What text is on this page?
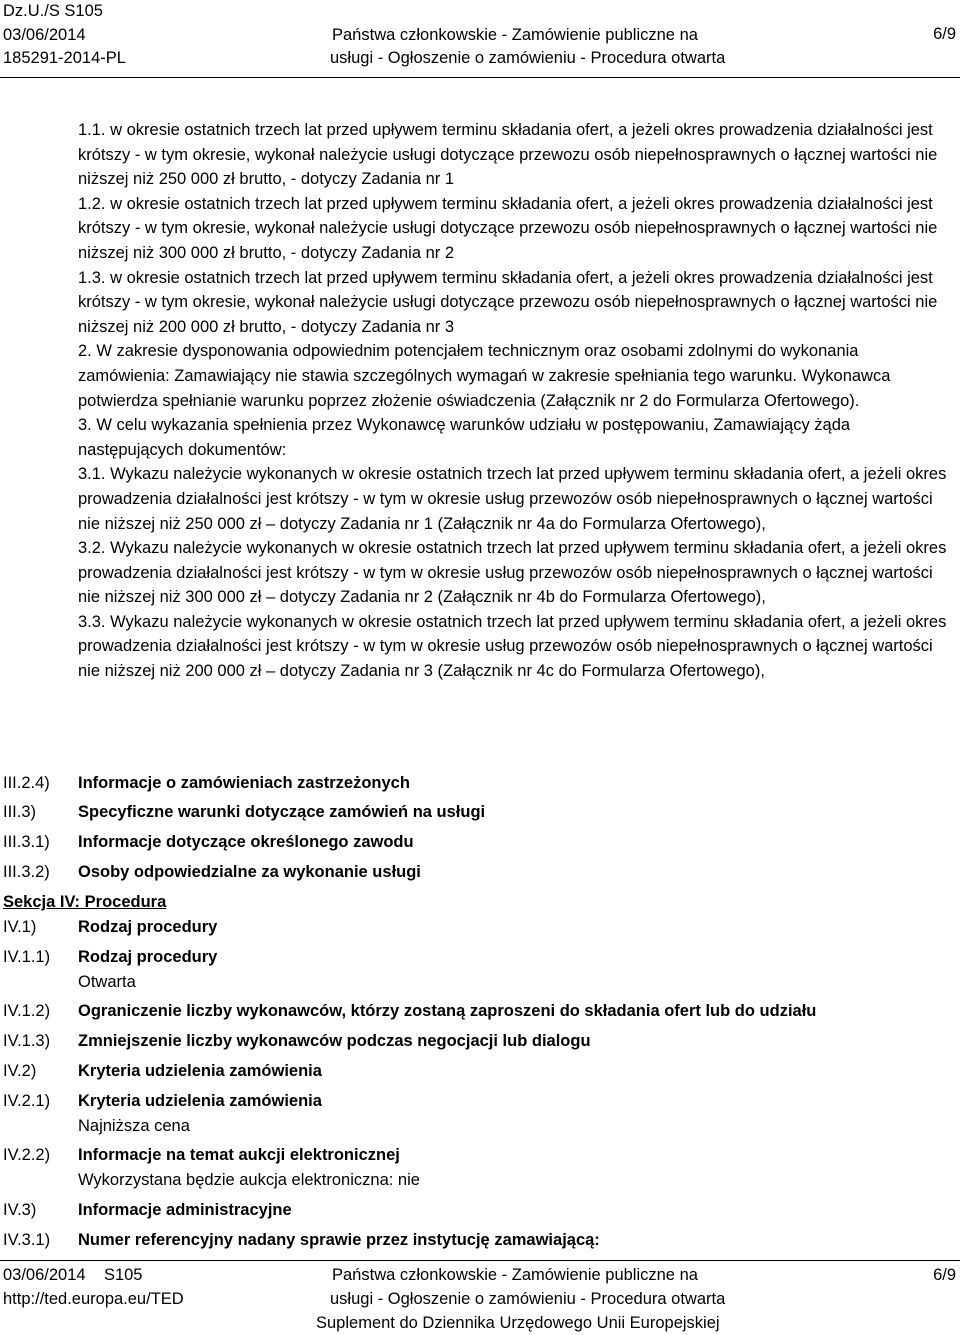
Dz.U./S S105
03/06/2014
185291-2014-PL
Państwa członkowskie - Zamówienie publiczne na
usługi - Ogłoszenie o zamówieniu - Procedura otwarta
6/9

1.1. w okresie ostatnich trzech lat przed upływem terminu składania ofert, a jeżeli okres prowadzenia działalności jest krótszy - w tym okresie, wykonał należycie usługi dotyczące przewozu osób niepełnosprawnych o łącznej wartości nie niższej niż 250 000 zł brutto, - dotyczy Zadania nr 1

1.2. w okresie ostatnich trzech lat przed upływem terminu składania ofert, a jeżeli okres prowadzenia działalności jest krótszy - w tym okresie, wykonał należycie usługi dotyczące przewozu osób niepełnosprawnych o łącznej wartości nie niższej niż 300 000 zł brutto, - dotyczy Zadania nr 2

1.3. w okresie ostatnich trzech lat przed upływem terminu składania ofert, a jeżeli okres prowadzenia działalności jest krótszy - w tym okresie, wykonał należycie usługi dotyczące przewozu osób niepełnosprawnych o łącznej wartości nie niższej niż 200 000 zł brutto, - dotyczy Zadania nr 3

2. W zakresie dysponowania odpowiednim potencjałem technicznym oraz osobami zdolnymi do wykonania zamówienia: Zamawiający nie stawia szczególnych wymagań w zakresie spełniania tego warunku. Wykonawca potwierdza spełnianie warunku poprzez złożenie oświadczenia (Załącznik nr 2 do Formularza Ofertowego).

3. W celu wykazania spełnienia przez Wykonawcę warunków udziału w postępowaniu, Zamawiający żąda następujących dokumentów:

3.1. Wykazu należycie wykonanych w okresie ostatnich trzech lat przed upływem terminu składania ofert, a jeżeli okres prowadzenia działalności jest krótszy - w tym w okresie usług przewozów osób niepełnosprawnych o łącznej wartości nie niższej niż 250 000 zł – dotyczy Zadania nr 1 (Załącznik nr 4a do Formularza Ofertowego),

3.2. Wykazu należycie wykonanych w okresie ostatnich trzech lat przed upływem terminu składania ofert, a jeżeli okres prowadzenia działalności jest krótszy - w tym w okresie usług przewozów osób niepełnosprawnych o łącznej wartości nie niższej niż 300 000 zł – dotyczy Zadania nr 2 (Załącznik nr 4b do Formularza Ofertowego),

3.3. Wykazu należycie wykonanych w okresie ostatnich trzech lat przed upływem terminu składania ofert, a jeżeli okres prowadzenia działalności jest krótszy - w tym w okresie usług przewozów osób niepełnosprawnych o łącznej wartości nie niższej niż 200 000 zł – dotyczy Zadania nr 3 (Załącznik nr 4c do Formularza Ofertowego),

III.2.4) Informacje o zamówieniach zastrzeżonych
III.3)	Specyficzne warunki dotyczące zamówień na usługi
III.3.1) Informacje dotyczące określonego zawodu
III.3.2) Osoby odpowiedzialne za wykonanie usługi
Sekcja IV: Procedura
IV.1)	Rodzaj procedury
IV.1.1) Rodzaj procedury
Otwarta
IV.1.2) Ograniczenie liczby wykonawców, którzy zostaną zaproszeni do składania ofert lub do udziału
IV.1.3) Zmniejszenie liczby wykonawców podczas negocjacji lub dialogu
IV.2)	Kryteria udzielenia zamówienia
IV.2.1) Kryteria udzielenia zamówienia
Najniższa cena
IV.2.2) Informacje na temat aukcji elektronicznej
Wykorzystana będzie aukcja elektroniczna: nie
IV.3)	Informacje administracyjne
IV.3.1) Numer referencyjny nadany sprawie przez instytucję zamawiającą:
03/06/2014 S105
http://ted.europa.eu/TED
Państwa członkowskie - Zamówienie publiczne na
usługi - Ogłoszenie o zamówieniu - Procedura otwarta
Suplement do Dziennika Urzędowego Unii Europejskiej
6/9
